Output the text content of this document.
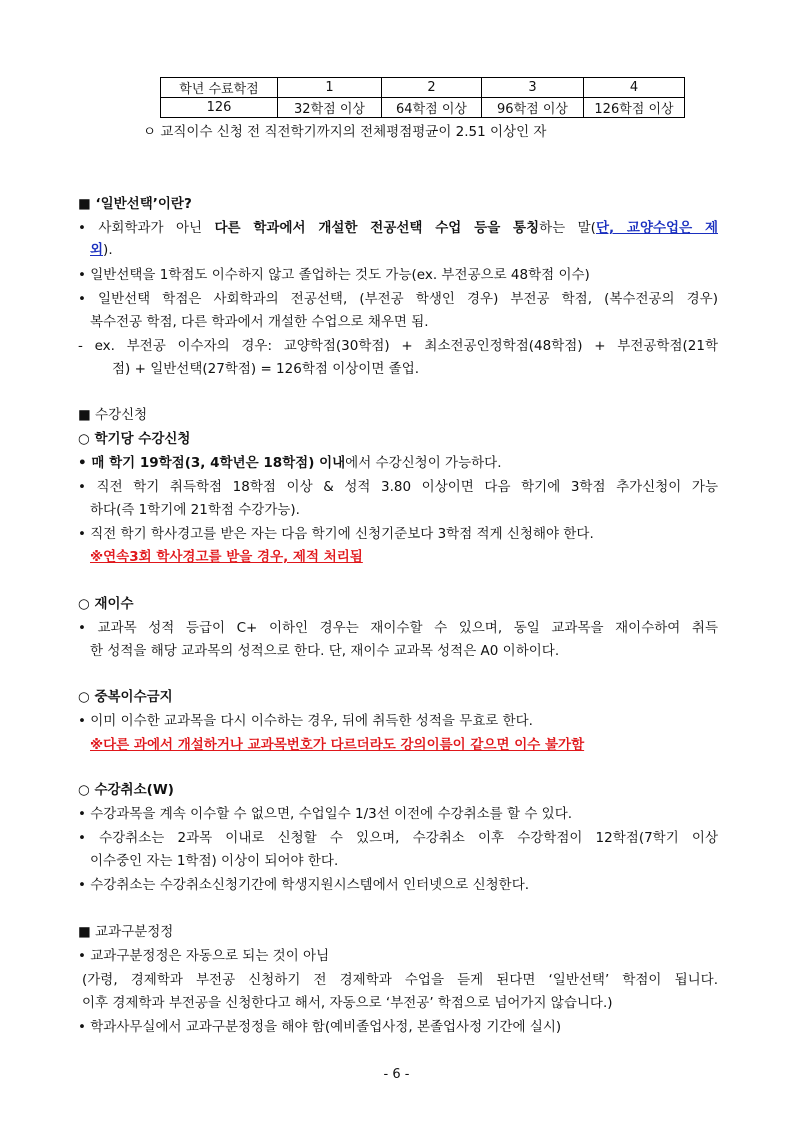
학년 수료학점	1	2	3	4
126	32학점 이상	64학점 이상	96학점 이상	126학점 이상
ㅇ 교직이수 신청 전 직전학기까지의 전체평점평균이 2.51 이상인 자
■ ‘일반선택’이란?
• 사회학과가 아닌 다른 학과에서 개설한 전공선택 수업 등을 통칭하는 말(단, 교양수업은 제
외).
• 일반선택을 1학점도 이수하지 않고 졸업하는 것도 가능(ex. 부전공으로 48학점 이수)
• 일반선택 학점은 사회학과의 전공선택, (부전공 학생인 경우) 부전공 학점, (복수전공의 경우)
복수전공 학점, 다른 학과에서 개설한 수업으로 채우면 됨.
- ex. 부전공 이수자의 경우: 교양학점(30학점) + 최소전공인정학점(48학점) + 부전공학점(21학
점) + 일반선택(27학점) = 126학점 이상이면 졸업.
■ 수강신청
○ 학기당 수강신청
• 매 학기 19학점(3, 4학년은 18학점) 이내에서 수강신청이 가능하다.
• 직전 학기 취득학점 18학점 이상 & 성적 3.80 이상이면 다음 학기에 3학점 추가신청이 가능
하다(즉 1학기에 21학점 수강가능).
• 직전 학기 학사경고를 받은 자는 다음 학기에 신청기준보다 3학점 적게 신청해야 한다.
※연속3회 학사경고를 받을 경우, 제적 처리됨
○ 재이수
• 교과목 성적 등급이 C+ 이하인 경우는 재이수할 수 있으며, 동일 교과목을 재이수하여 취득
한 성적을 해당 교과목의 성적으로 한다. 단, 재이수 교과목 성적은 A0 이하이다.
○ 중복이수금지
• 이미 이수한 교과목을 다시 이수하는 경우, 뒤에 취득한 성적을 무효로 한다.
※다른 과에서 개설하거나 교과목번호가 다르더라도 강의이름이 같으면 이수 불가함
○ 수강취소(W)
• 수강과목을 계속 이수할 수 없으면, 수업일수 1/3선 이전에 수강취소를 할 수 있다.
• 수강취소는 2과목 이내로 신청할 수 있으며, 수강취소 이후 수강학점이 12학점(7학기 이상
이수중인 자는 1학점) 이상이 되어야 한다.
• 수강취소는 수강취소신청기간에 학생지원시스템에서 인터넷으로 신청한다.
■ 교과구분정정
• 교과구분정정은 자동으로 되는 것이 아님
(가령, 경제학과 부전공 신청하기 전 경제학과 수업을 듣게 된다면 ‘일반선택’ 학점이 됩니다.
이후 경제학과 부전공을 신청한다고 해서, 자동으로 ‘부전공’ 학점으로 넘어가지 않습니다.)
• 학과사무실에서 교과구분정정을 해야 함(예비졸업사정, 본졸업사정 기간에 실시)
- 6 -
